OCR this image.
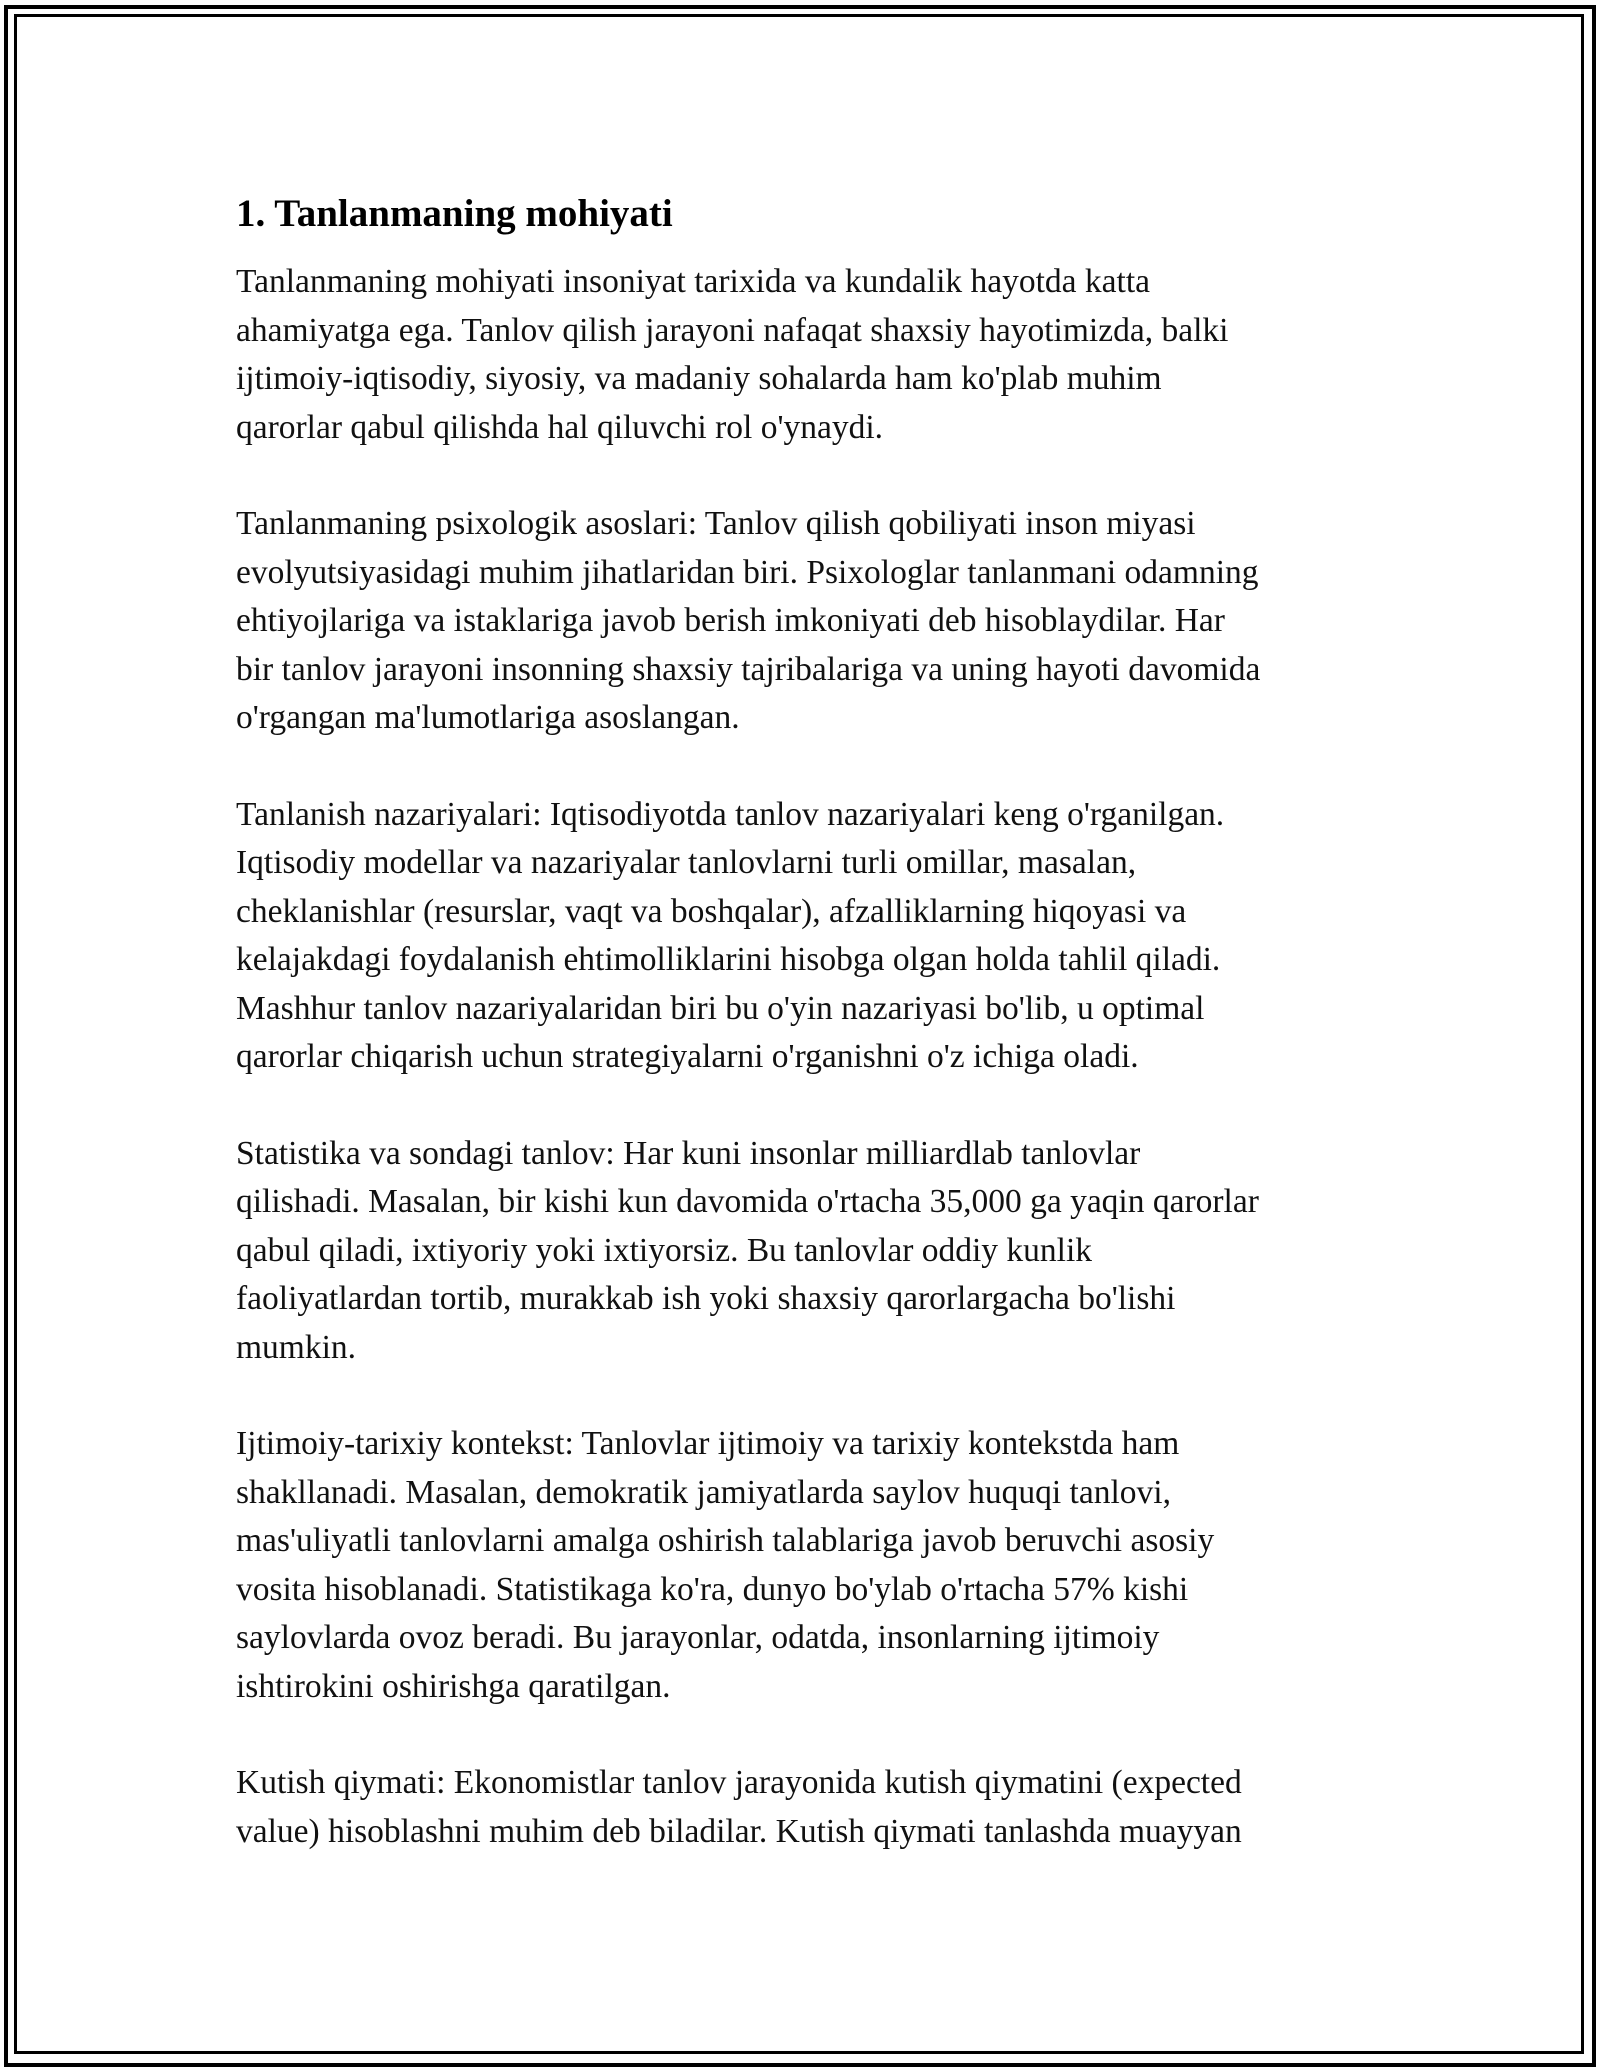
1. Tanlanmaning mohiyati

Tanlanmaning mohiyati insoniyat tarixida va kundalik hayotda katta
ahamiyatga ega. Tanlov qilish jarayoni nafaqat shaxsiy hayotimizda, balki
ijtimoiy-iqtisodiy, siyosiy, va madaniy sohalarda ham ko'plab muhim
qarorlar qabul qilishda hal qiluvchi rol o'ynaydi.

Tanlanmaning psixologik asoslari: Tanlov qilish qobiliyati inson miyasi
evolyutsiyasidagi muhim jihatlaridan biri. Psixologlar tanlanmani odamning
ehtiyojlariga va istaklariga javob berish imkoniyati deb hisoblaydilar. Har
bir tanlov jarayoni insonning shaxsiy tajribalariga va uning hayoti davomida
o'rgangan ma'lumotlariga asoslangan.

Tanlanish nazariyalari: Iqtisodiyotda tanlov nazariyalari keng o'rganilgan.
Iqtisodiy modellar va nazariyalar tanlovlarni turli omillar, masalan,
cheklanishlar (resurslar, vaqt va boshqalar), afzalliklarning hiqoyasi va
kelajakdagi foydalanish ehtimolliklarini hisobga olgan holda tahlil qiladi.
Mashhur tanlov nazariyalaridan biri bu o'yin nazariyasi bo'lib, u optimal
qarorlar chiqarish uchun strategiyalarni o'rganishni o'z ichiga oladi.

Statistika va sondagi tanlov: Har kuni insonlar milliardlab tanlovlar
qilishadi. Masalan, bir kishi kun davomida o'rtacha 35,000 ga yaqin qarorlar
qabul qiladi, ixtiyoriy yoki ixtiyorsiz. Bu tanlovlar oddiy kunlik
faoliyatlardan tortib, murakkab ish yoki shaxsiy qarorlargacha bo'lishi
mumkin.

Ijtimoiy-tarixiy kontekst: Tanlovlar ijtimoiy va tarixiy kontekstda ham
shakllanadi. Masalan, demokratik jamiyatlarda saylov huquqi tanlovi,
mas'uliyatli tanlovlarni amalga oshirish talablariga javob beruvchi asosiy
vosita hisoblanadi. Statistikaga ko'ra, dunyo bo'ylab o'rtacha 57% kishi
saylovlarda ovoz beradi. Bu jarayonlar, odatda, insonlarning ijtimoiy
ishtirokini oshirishga qaratilgan.

Kutish qiymati: Ekonomistlar tanlov jarayonida kutish qiymatini (expected
value) hisoblashni muhim deb biladilar. Kutish qiymati tanlashda muayyan
